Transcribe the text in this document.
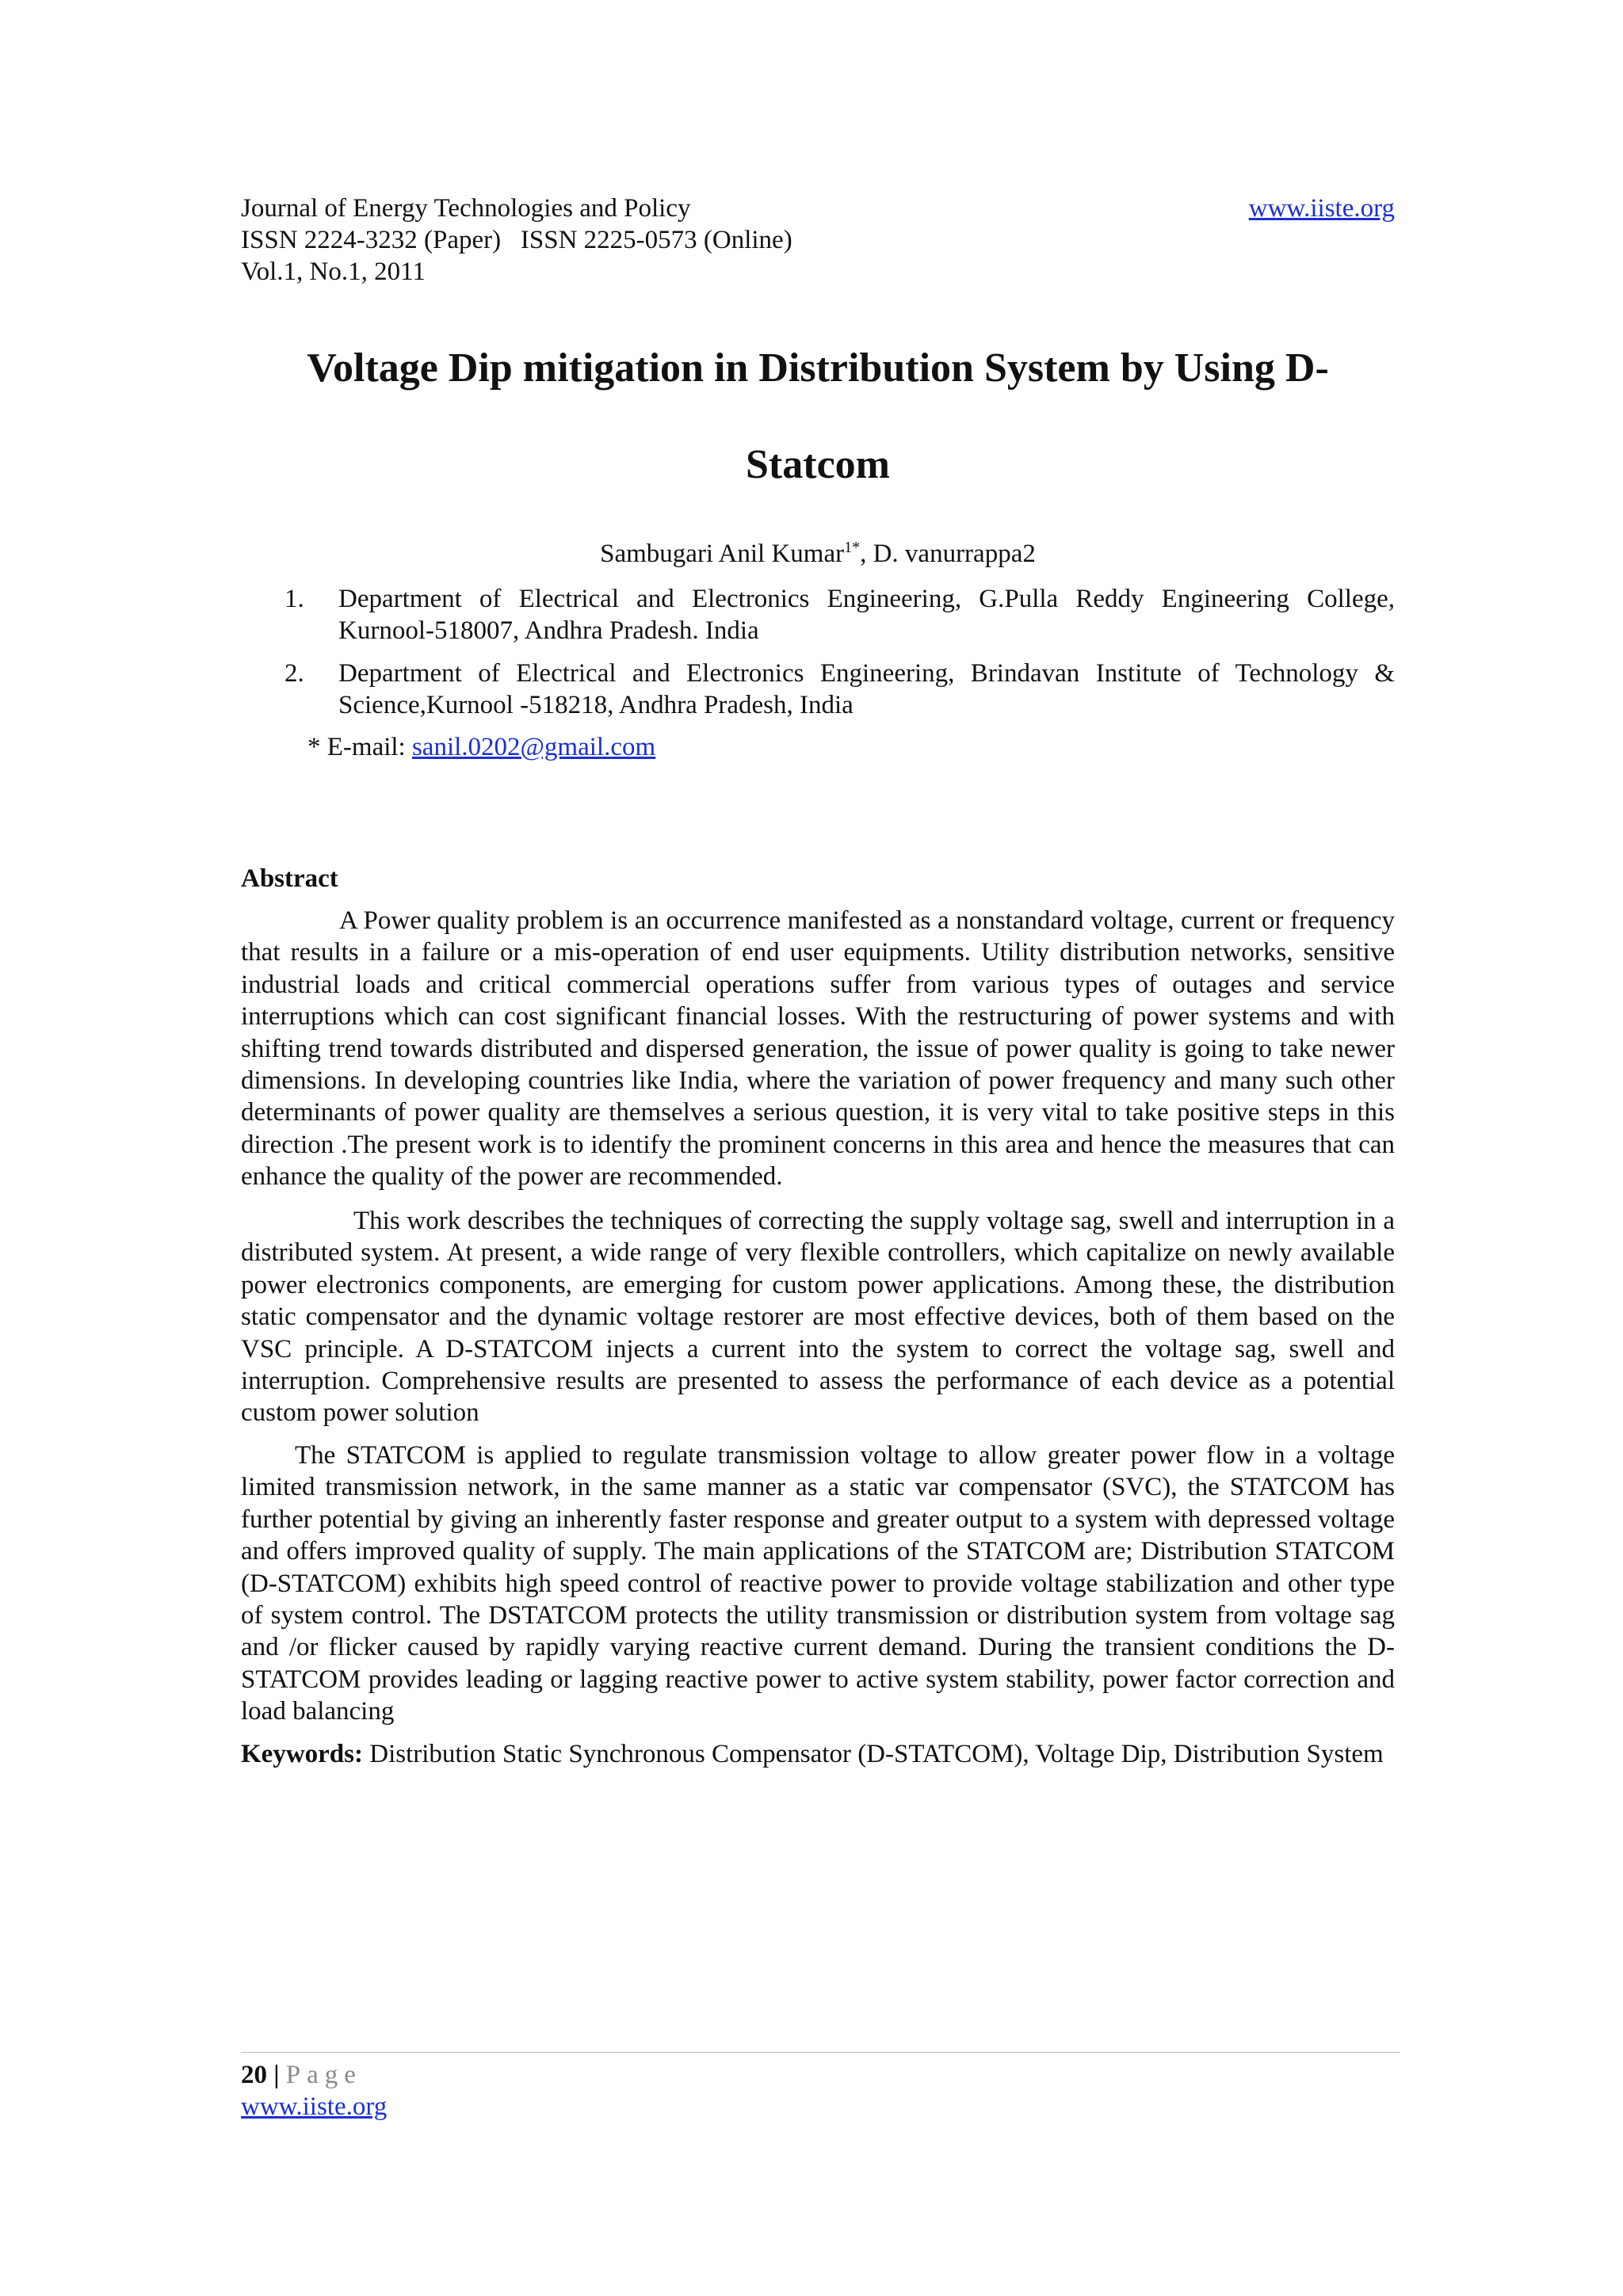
Journal of Energy Technologies and Policy
ISSN 2224-3232 (Paper)   ISSN 2225-0573 (Online)
Vol.1, No.1, 2011
www.iiste.org
Voltage Dip mitigation in Distribution System by Using D-
Statcom
Sambugari Anil Kumar$^{1*}$, D. vanurrappa2
1. Department of Electrical and Electronics Engineering, G.Pulla Reddy Engineering College, Kurnool-518007, Andhra Pradesh. India
2. Department of Electrical and Electronics Engineering, Brindavan Institute of Technology & Science,Kurnool -518218, Andhra Pradesh, India
* E-mail: sanil.0202@gmail.com
Abstract
A Power quality problem is an occurrence manifested as a nonstandard voltage, current or frequency that results in a failure or a mis-operation of end user equipments. Utility distribution networks, sensitive industrial loads and critical commercial operations suffer from various types of outages and service interruptions which can cost significant financial losses. With the restructuring of power systems and with shifting trend towards distributed and dispersed generation, the issue of power quality is going to take newer dimensions. In developing countries like India, where the variation of power frequency and many such other determinants of power quality are themselves a serious question, it is very vital to take positive steps in this direction .The present work is to identify the prominent concerns in this area and hence the measures that can enhance the quality of the power are recommended.
This work describes the techniques of correcting the supply voltage sag, swell and interruption in a distributed system. At present, a wide range of very flexible controllers, which capitalize on newly available power electronics components, are emerging for custom power applications. Among these, the distribution static compensator and the dynamic voltage restorer are most effective devices, both of them based on the VSC principle. A D-STATCOM injects a current into the system to correct the voltage sag, swell and interruption. Comprehensive results are presented to assess the performance of each device as a potential custom power solution
The STATCOM is applied to regulate transmission voltage to allow greater power flow in a voltage limited transmission network, in the same manner as a static var compensator (SVC), the STATCOM has further potential by giving an inherently faster response and greater output to a system with depressed voltage and offers improved quality of supply. The main applications of the STATCOM are; Distribution STATCOM (D-STATCOM) exhibits high speed control of reactive power to provide voltage stabilization and other type of system control. The DSTATCOM protects the utility transmission or distribution system from voltage sag and /or flicker caused by rapidly varying reactive current demand. During the transient conditions the D-STATCOM provides leading or lagging reactive power to active system stability, power factor correction and load balancing
Keywords: Distribution Static Synchronous Compensator (D-STATCOM), Voltage Dip, Distribution System
20 | Page
www.iiste.org
